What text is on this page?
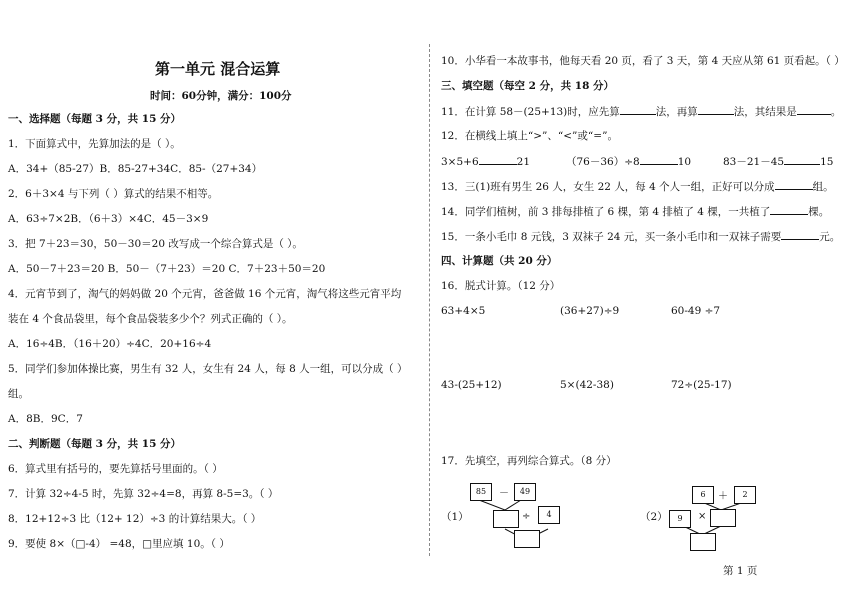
第一单元 混合运算
时间：60分钟，满分：100分
一、选择题（每题 3 分，共 15 分）
1．下面算式中，先算加法的是（ ）。
A．34+（85-27）B．85-27+34C．85-（27+34）
2．6＋3×4 与下列（ ）算式的结果不相等。
A．63÷7×2B．（6＋3）×4C．45－3×9
3．把 7＋23＝30，50－30＝20 改写成一个综合算式是（ ）。
A．50－7＋23＝20 B．50－（7＋23）＝20 C．7＋23＋50＝20
4．元宵节到了，淘气的妈妈做 20 个元宵，爸爸做 16 个元宵，淘气将这些元宵平均
装在 4 个食品袋里，每个食品袋装多少个？列式正确的（ ）。
A．16÷4B．（16＋20）÷4C．20+16÷4
5．同学们参加体操比赛，男生有 32 人，女生有 24 人，每 8 人一组，可以分成（ ）
组。
A．8B．9C．7
二、判断题（每题 3 分，共 15 分）
6．算式里有括号的，要先算括号里面的。（ ）
7．计算 32÷4-5 时，先算 32÷4=8，再算 8-5=3。（ ）
8．12+12÷3 比（12+ 12）÷3 的计算结果大。（ ）
9．要使 8×（□-4） =48，□里应填 10。（ ）
10．小华看一本故事书，他每天看 20 页，看了 3 天，第 4 天应从第 61 页看起。（ ）
三、填空题（每空 2 分，共 18 分）
11．在计算 58－(25+13)时，应先算	法，再算	法，其结果是	。
12．在横线上填上“>”、“<”或“=”。
3×5+6	21	（76－36）÷8	10	83－21－45	15
13．三(1)班有男生 26 人，女生 22 人，每 4 个人一组，正好可以分成	组。
14．同学们植树，前 3 排每排植了 6 棵，第 4 排植了 4 棵，一共植了	棵。
15．一条小毛巾 8 元钱，3 双袜子 24 元，买一条小毛巾和一双袜子需要	元。
四、计算题（共 20 分）
16．脱式计算。（12 分）
63+4×5	(36+27)÷9	60-49 ÷7
43-(25+12)	5×(42-38)	72÷(25-17)
17．先填空，再列综合算式。（8 分）
（1）
85	－	49
÷	4	（2）
6	＋	2
9	×
第 1 页
